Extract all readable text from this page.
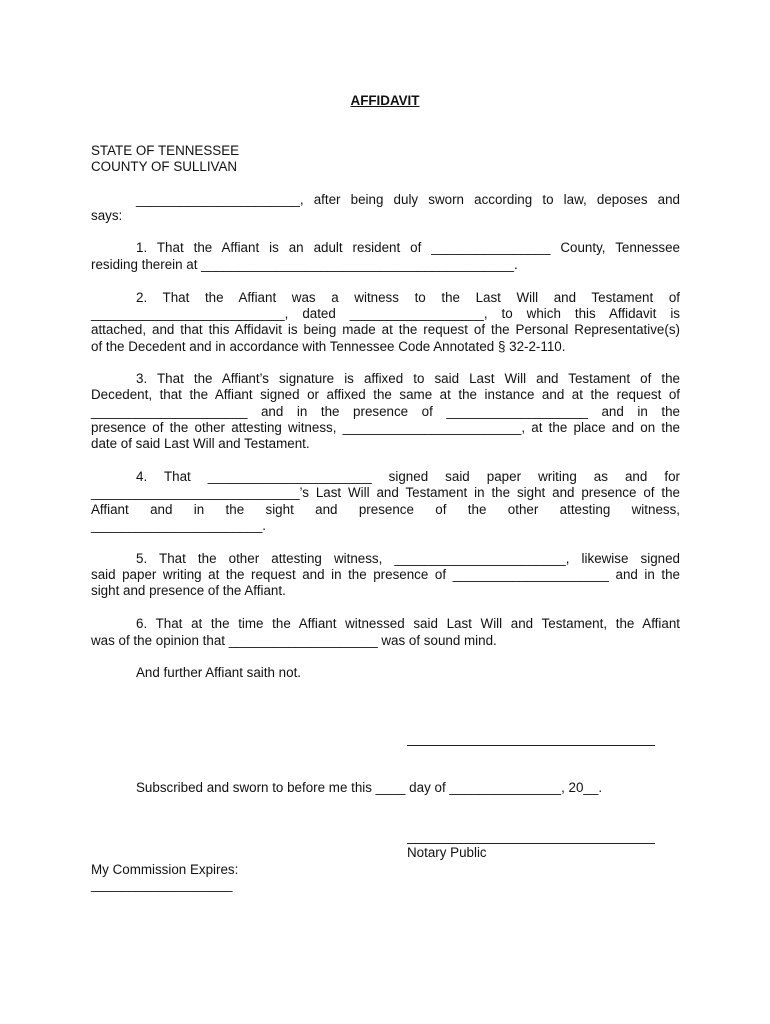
AFFIDAVIT
STATE OF TENNESSEE
COUNTY OF SULLIVAN
______________________, after being duly sworn according to law, deposes and
says:
1. That the Affiant is an adult resident of ________________ County, Tennessee
residing therein at __________________________________________.
2. That the Affiant was a witness to the Last Will and Testament of
__________________________, dated __________________, to which this Affidavit is
attached, and that this Affidavit is being made at the request of the Personal Representative(s)
of the Decedent and in accordance with Tennessee Code Annotated § 32-2-110.
3. That the Affiant’s signature is affixed to said Last Will and Testament of the
Decedent, that the Affiant signed or affixed the same at the instance and at the request of
_____________________ and in the presence of ___________________ and in the
presence of the other attesting witness, ________________________, at the place and on the
date of said Last Will and Testament.
4. That ______________________ signed said paper writing as and for
____________________________’s Last Will and Testament in the sight and presence of the
Affiant and in the sight and presence of the other attesting witness,
_______________________.
5. That the other attesting witness, _______________________, likewise signed
said paper writing at the request and in the presence of _____________________ and in the
sight and presence of the Affiant.
6. That at the time the Affiant witnessed said Last Will and Testament, the Affiant
was of the opinion that ____________________ was of sound mind.
And further Affiant saith not.
Subscribed and sworn to before me this ____ day of _______________, 20__.
Notary Public
My Commission Expires:
___________________
